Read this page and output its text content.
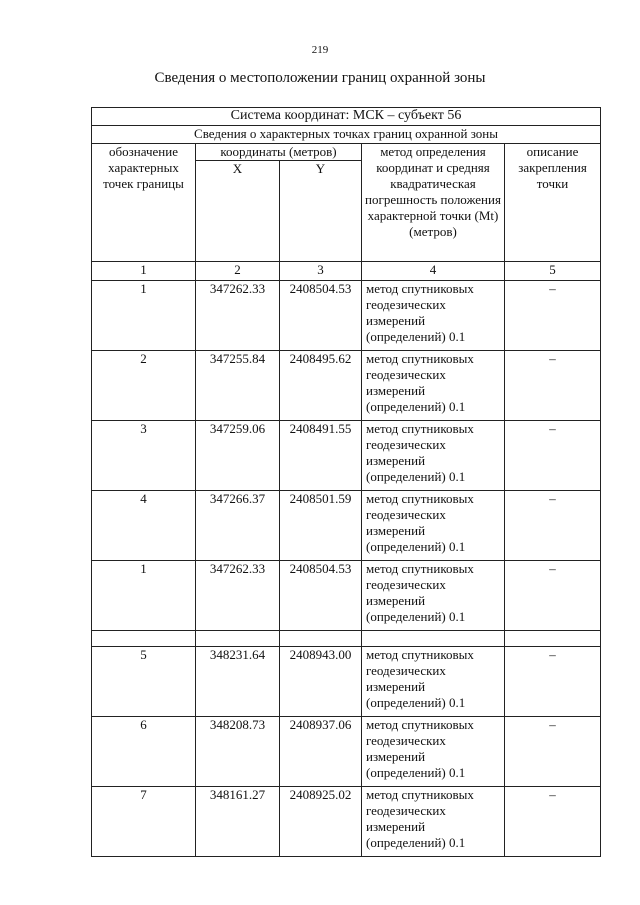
219
Сведения о местоположении границ охранной зоны
Система координат: МСК – субъект 56				
Сведения о характерных точках границ охранной зоны				
обозначение характерных точек границы	координаты (метров)		метод определения координат и средняя квадратическая погрешность положения характерной точки (Mt) (метров)	описание закрепления точки
	X	Y		
1	2	3	4	5
1	347262.33	2408504.53	метод спутниковых геодезических измерений (определений) 0.1	–
2	347255.84	2408495.62	метод спутниковых геодезических измерений (определений) 0.1	–
3	347259.06	2408491.55	метод спутниковых геодезических измерений (определений) 0.1	–
4	347266.37	2408501.59	метод спутниковых геодезических измерений (определений) 0.1	–
1	347262.33	2408504.53	метод спутниковых геодезических измерений (определений) 0.1	–

5	348231.64	2408943.00	метод спутниковых геодезических измерений (определений) 0.1	–
6	348208.73	2408937.06	метод спутниковых геодезических измерений (определений) 0.1	–
7	348161.27	2408925.02	метод спутниковых геодезических измерений (определений) 0.1	–
